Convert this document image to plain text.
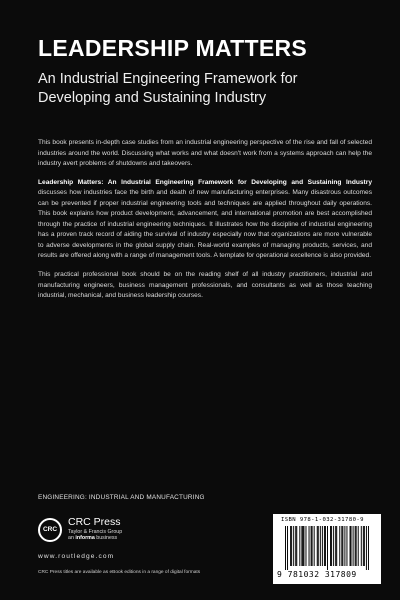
LEADERSHIP MATTERS
An Industrial Engineering Framework for Developing and Sustaining Industry

This book presents in-depth case studies from an industrial engineering perspective of the rise and fall of selected industries around the world. Discussing what works and what doesn't work from a systems approach can help the industry avert problems of shutdowns and takeovers.

Leadership Matters: An Industrial Engineering Framework for Developing and Sustaining Industry discusses how industries face the birth and death of new manufacturing enterprises. Many disastrous outcomes can be prevented if proper industrial engineering tools and techniques are applied throughout daily operations. This book explains how product development, advancement, and international promotion are best accomplished through the practice of industrial engineering techniques. It illustrates how the discipline of industrial engineering has a proven track record of aiding the survival of industry especially now that organizations are more vulnerable to adverse developments in the global supply chain. Real-world examples of managing products, services, and results are offered along with a range of management tools. A template for operational excellence is also provided.

This practical professional book should be on the reading shelf of all industry practitioners, industrial and manufacturing engineers, business management professionals, and consultants as well as those teaching industrial, mechanical, and business leadership courses.

ENGINEERING: INDUSTRIAL AND MANUFACTURING
CRC
CRC Press
Taylor & Francis Group
an informa business
www.routledge.com
CRC Press titles are available as eBook editions in a range of digital formats
ISBN 978-1-032-31780-9
9 781032 317809
